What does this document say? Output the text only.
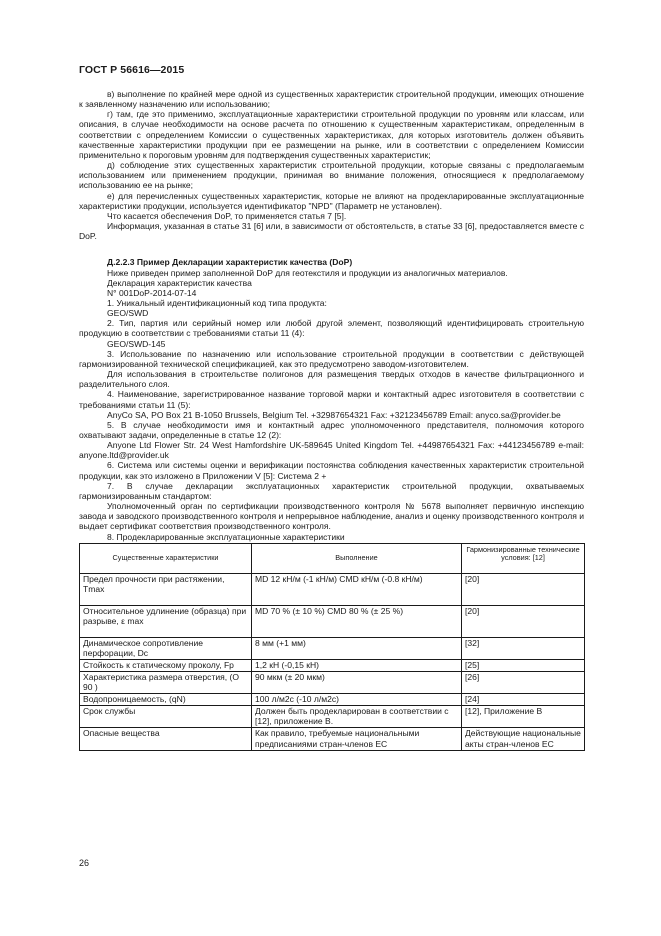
ГОСТ Р 56616—2015

в) выполнение по крайней мере одной из существенных характеристик строительной продукции, имеющих отношение к заявленному назначению или использованию;

г) там, где это применимо, эксплуатационные характеристики строительной продукции по уровням или классам, или описания, в случае необходимости на основе расчета по отношению к существенным характеристикам, определенным в соответствии с определением Комиссии о существенных характеристиках, для которых изготовитель должен объявить качественные характеристики продукции при ее размещении на рынке, или в соответствии с определением Комиссии применительно к пороговым уровням для подтверждения существенных характеристик;

д) соблюдение этих существенных характеристик строительной продукции, которые связаны с предполагаемым использованием или применением продукции, принимая во внимание положения, относящиеся к предполагаемому использованию ее на рынке;

е) для перечисленных существенных характеристик, которые не влияют на продекларированные эксплуатационные характеристики продукции, используется идентификатор "NPD" (Параметр не установлен).

Что касается обеспечения DoP, то применяется статья 7 [5].

Информация, указанная в статье 31 [6] или, в зависимости от обстоятельств, в статье 33 [6], предоставляется вместе с DoP.

Д.2.2.3 Пример Декларации характеристик качества (DoP)

Ниже приведен пример заполненной DoP для геотекстиля и продукции из аналогичных материалов.

Декларация характеристик качества

N° 001DoP-2014-07-14

1. Уникальный идентификационный код типа продукта:

GEO/SWD

2. Тип, партия или серийный номер или любой другой элемент, позволяющий идентифицировать строительную продукцию в соответствии с требованиями статьи 11 (4):

GEO/SWD-145

3. Использование по назначению или использование строительной продукции в соответствии с действующей гармонизированной технической спецификацией, как это предусмотрено заводом-изготовителем.

Для использования в строительстве полигонов для размещения твердых отходов в качестве фильтрационного и разделительного слоя.

4. Наименование, зарегистрированное название торговой марки и контактный адрес изготовителя в соответствии с требованиями статьи 11 (5):

AnyCo SA, PO Box 21 B-1050 Brussels, Belgium Tel. +32987654321 Fax: +32123456789 Email: anyco.sa@provider.be

5. В случае необходимости имя и контактный адрес уполномоченного представителя, полномочия которого охватывают задачи, определенные в статье 12 (2):

Anyone Ltd Flower Str. 24 West Hamfordshire UK-589645 United Kingdom Tel. +44987654321 Fax: +44123456789 e-mail: anyone.ltd@provider.uk

6. Система или системы оценки и верификации постоянства соблюдения качественных характеристик строительной продукции, как это изложено в Приложении V [5]: Система 2 +

7. В случае декларации эксплуатационных характеристик строительной продукции, охватываемых гармонизированным стандартом:

Уполномоченный орган по сертификации производственного контроля № 5678 выполняет первичную инспекцию завода и заводского производственного контроля и непрерывное наблюдение, анализ и оценку производственного контроля и выдает сертификат соответствия производственного контроля.

8. Продекларированные эксплуатационные характеристики

Существенные характеристики	Выполнение	Гармонизированные технические условия: [12]
Предел прочности при растяжении, Tmax	MD 12 кН/м (-1 кН/м) CMD кН/м (-0.8 кН/м)	[20]
Относительное удлинение (образца) при разрыве, ε max	MD 70 % (± 10 %) CMD 80 % (± 25 %)	[20]
Динамическое сопротивление перфорации, Dc	8 мм (+1 мм)	[32]
Стойкость к статическому проколу, Fp	1,2 кН (-0,15 кН)	[25]
Характеристика размера отверстия, (O 90 )	90 мкм (± 20 мкм)	[26]
Водопроницаемость, (qN)	100 л/м2с (-10 л/м2с)	[24]
Срок службы	Должен быть продекларирован в соответствии с [12], приложение В.	[12], Приложение В
Опасные вещества	Как правило, требуемые национальными предписаниями стран-членов ЕС	Действующие национальные акты стран-членов ЕС
26
